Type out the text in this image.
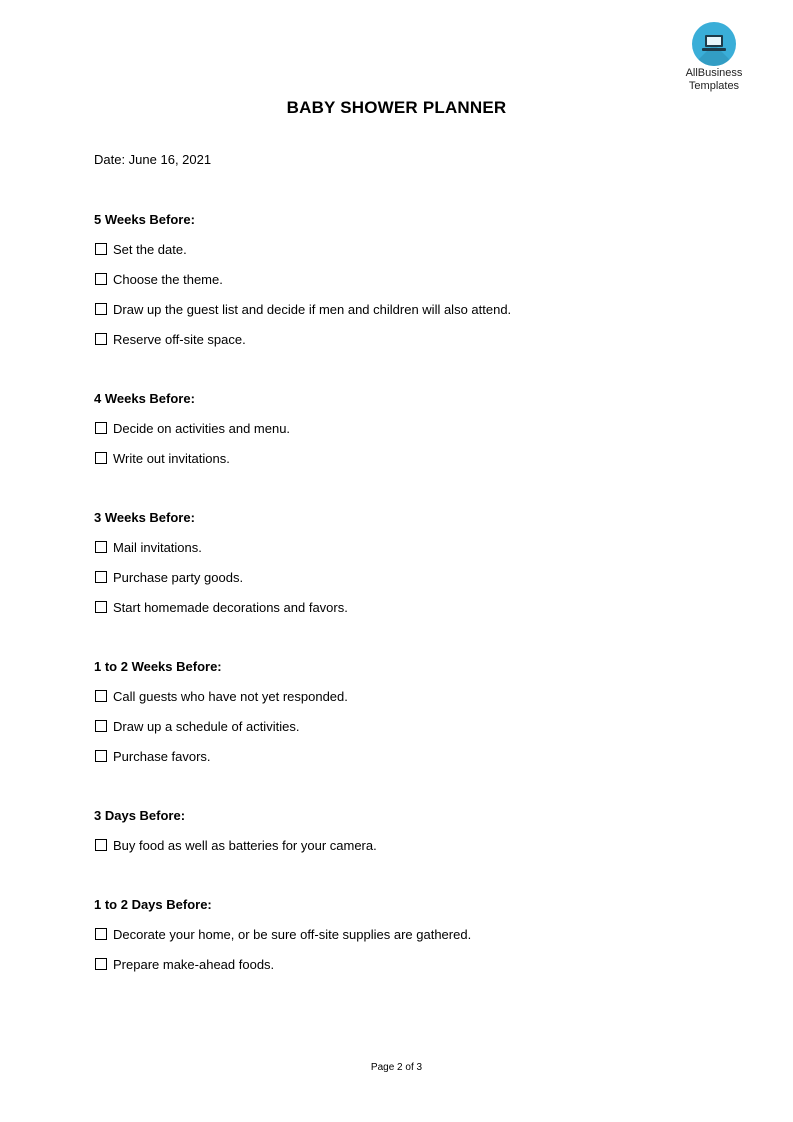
AllBusiness
Templates
BABY SHOWER PLANNER
Date: June 16, 2021
5 Weeks Before:
Set the date.
Choose the theme.
Draw up the guest list and decide if men and children will also attend.
Reserve off-site space.
4 Weeks Before:
Decide on activities and menu.
Write out invitations.
3 Weeks Before:
Mail invitations.
Purchase party goods.
Start homemade decorations and favors.
1 to 2 Weeks Before:
Call guests who have not yet responded.
Draw up a schedule of activities.
Purchase favors.
3 Days Before:
Buy food as well as batteries for your camera.
1 to 2 Days Before:
Decorate your home, or be sure off-site supplies are gathered.
Prepare make-ahead foods.
Page 2 of 3
